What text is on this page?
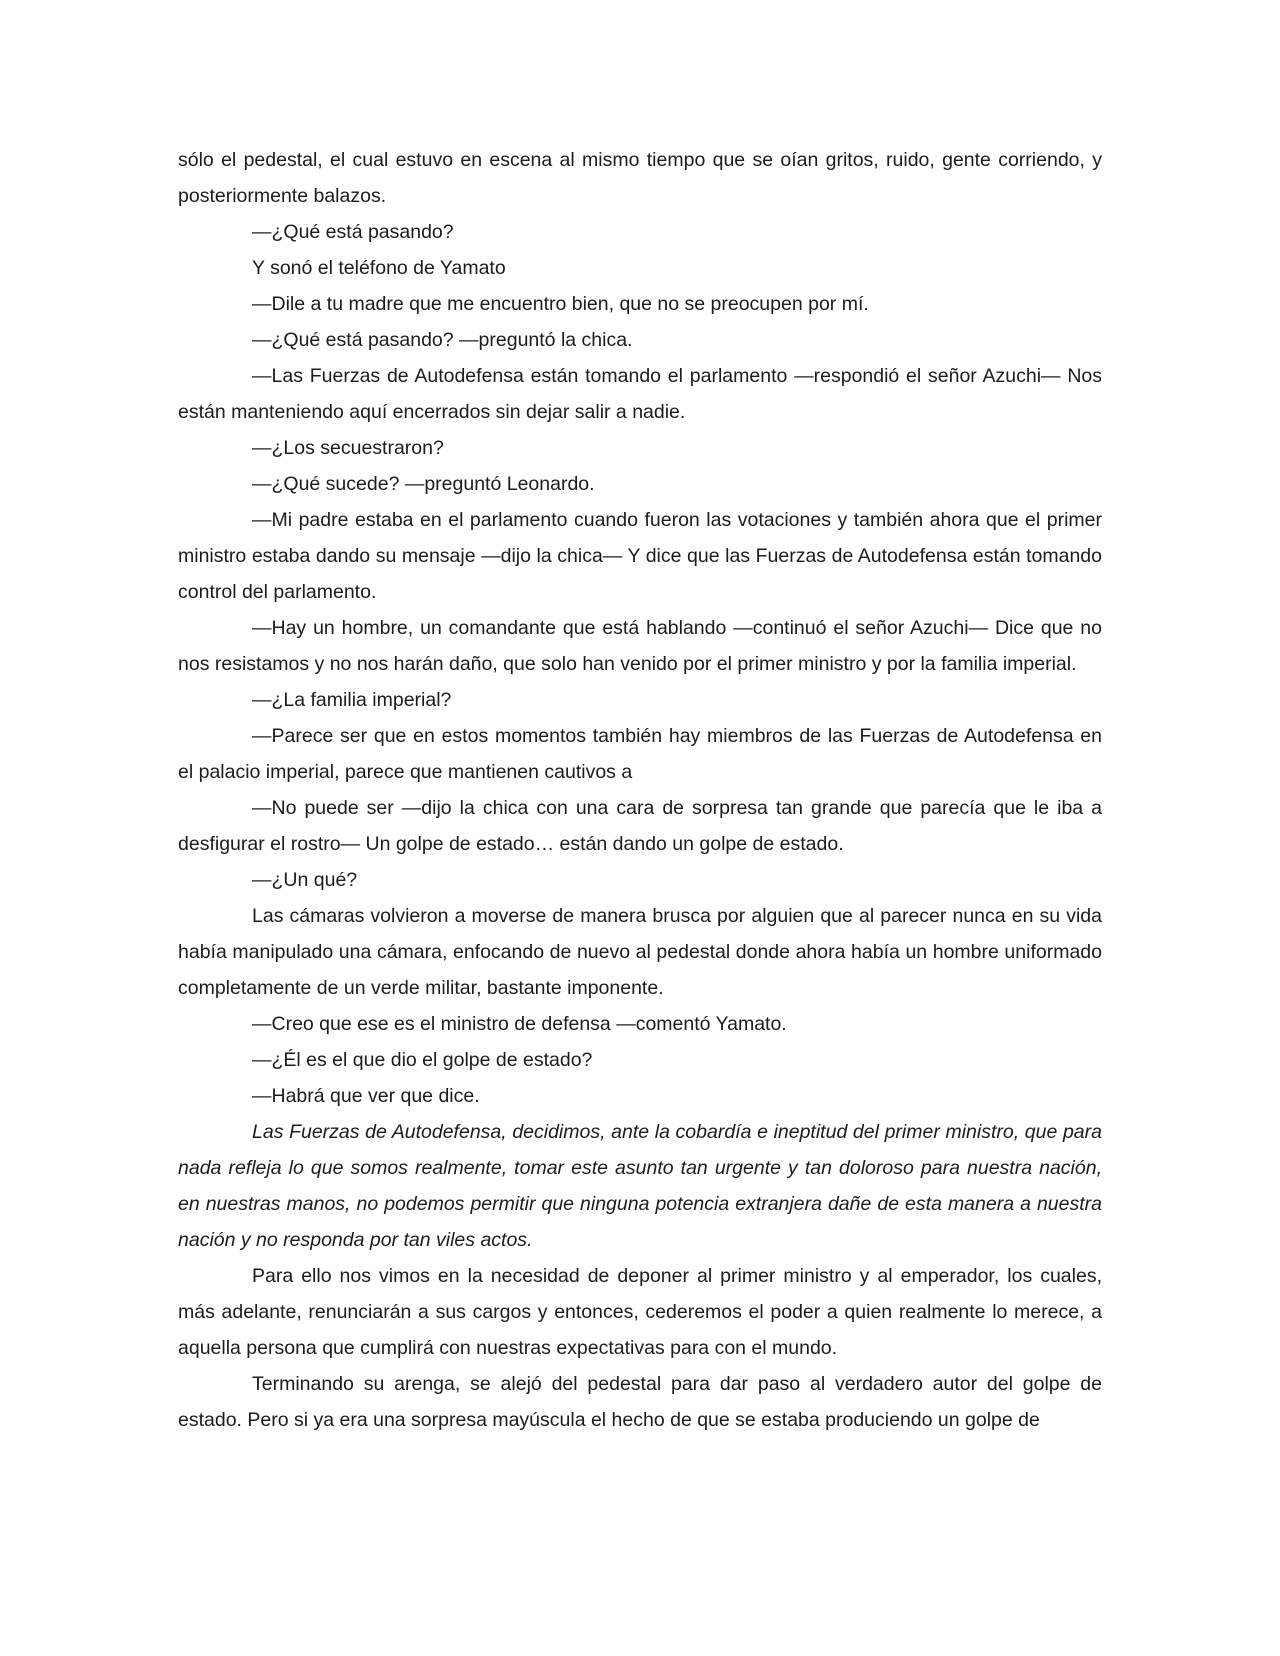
sólo el pedestal, el cual estuvo en escena al mismo tiempo que se oían gritos, ruido, gente corriendo, y posteriormente balazos.

—¿Qué está pasando?

Y sonó el teléfono de Yamato

—Dile a tu madre que me encuentro bien, que no se preocupen por mí.

—¿Qué está pasando? —preguntó la chica.

—Las Fuerzas de Autodefensa están tomando el parlamento —respondió el señor Azuchi— Nos están manteniendo aquí encerrados sin dejar salir a nadie.

—¿Los secuestraron?

—¿Qué sucede? —preguntó Leonardo.

—Mi padre estaba en el parlamento cuando fueron las votaciones y también ahora que el primer ministro estaba dando su mensaje —dijo la chica— Y dice que las Fuerzas de Autodefensa están tomando control del parlamento.

—Hay un hombre, un comandante que está hablando —continuó el señor Azuchi— Dice que no nos resistamos y no nos harán daño, que solo han venido por el primer ministro y por la familia imperial.

—¿La familia imperial?

—Parece ser que en estos momentos también hay miembros de las Fuerzas de Autodefensa en el palacio imperial, parece que mantienen cautivos a

—No puede ser —dijo la chica con una cara de sorpresa tan grande que parecía que le iba a desfigurar el rostro— Un golpe de estado… están dando un golpe de estado.

—¿Un qué?

Las cámaras volvieron a moverse de manera brusca por alguien que al parecer nunca en su vida había manipulado una cámara, enfocando de nuevo al pedestal donde ahora había un hombre uniformado completamente de un verde militar, bastante imponente.

—Creo que ese es el ministro de defensa —comentó Yamato.

—¿Él es el que dio el golpe de estado?

—Habrá que ver que dice.

Las Fuerzas de Autodefensa, decidimos, ante la cobardía e ineptitud del primer ministro, que para nada refleja lo que somos realmente, tomar este asunto tan urgente y tan doloroso para nuestra nación, en nuestras manos, no podemos permitir que ninguna potencia extranjera dañe de esta manera a nuestra nación y no responda por tan viles actos.

Para ello nos vimos en la necesidad de deponer al primer ministro y al emperador, los cuales, más adelante, renunciarán a sus cargos y entonces, cederemos el poder a quien realmente lo merece, a aquella persona que cumplirá con nuestras expectativas para con el mundo.

Terminando su arenga, se alejó del pedestal para dar paso al verdadero autor del golpe de estado. Pero si ya era una sorpresa mayúscula el hecho de que se estaba produciendo un golpe de
